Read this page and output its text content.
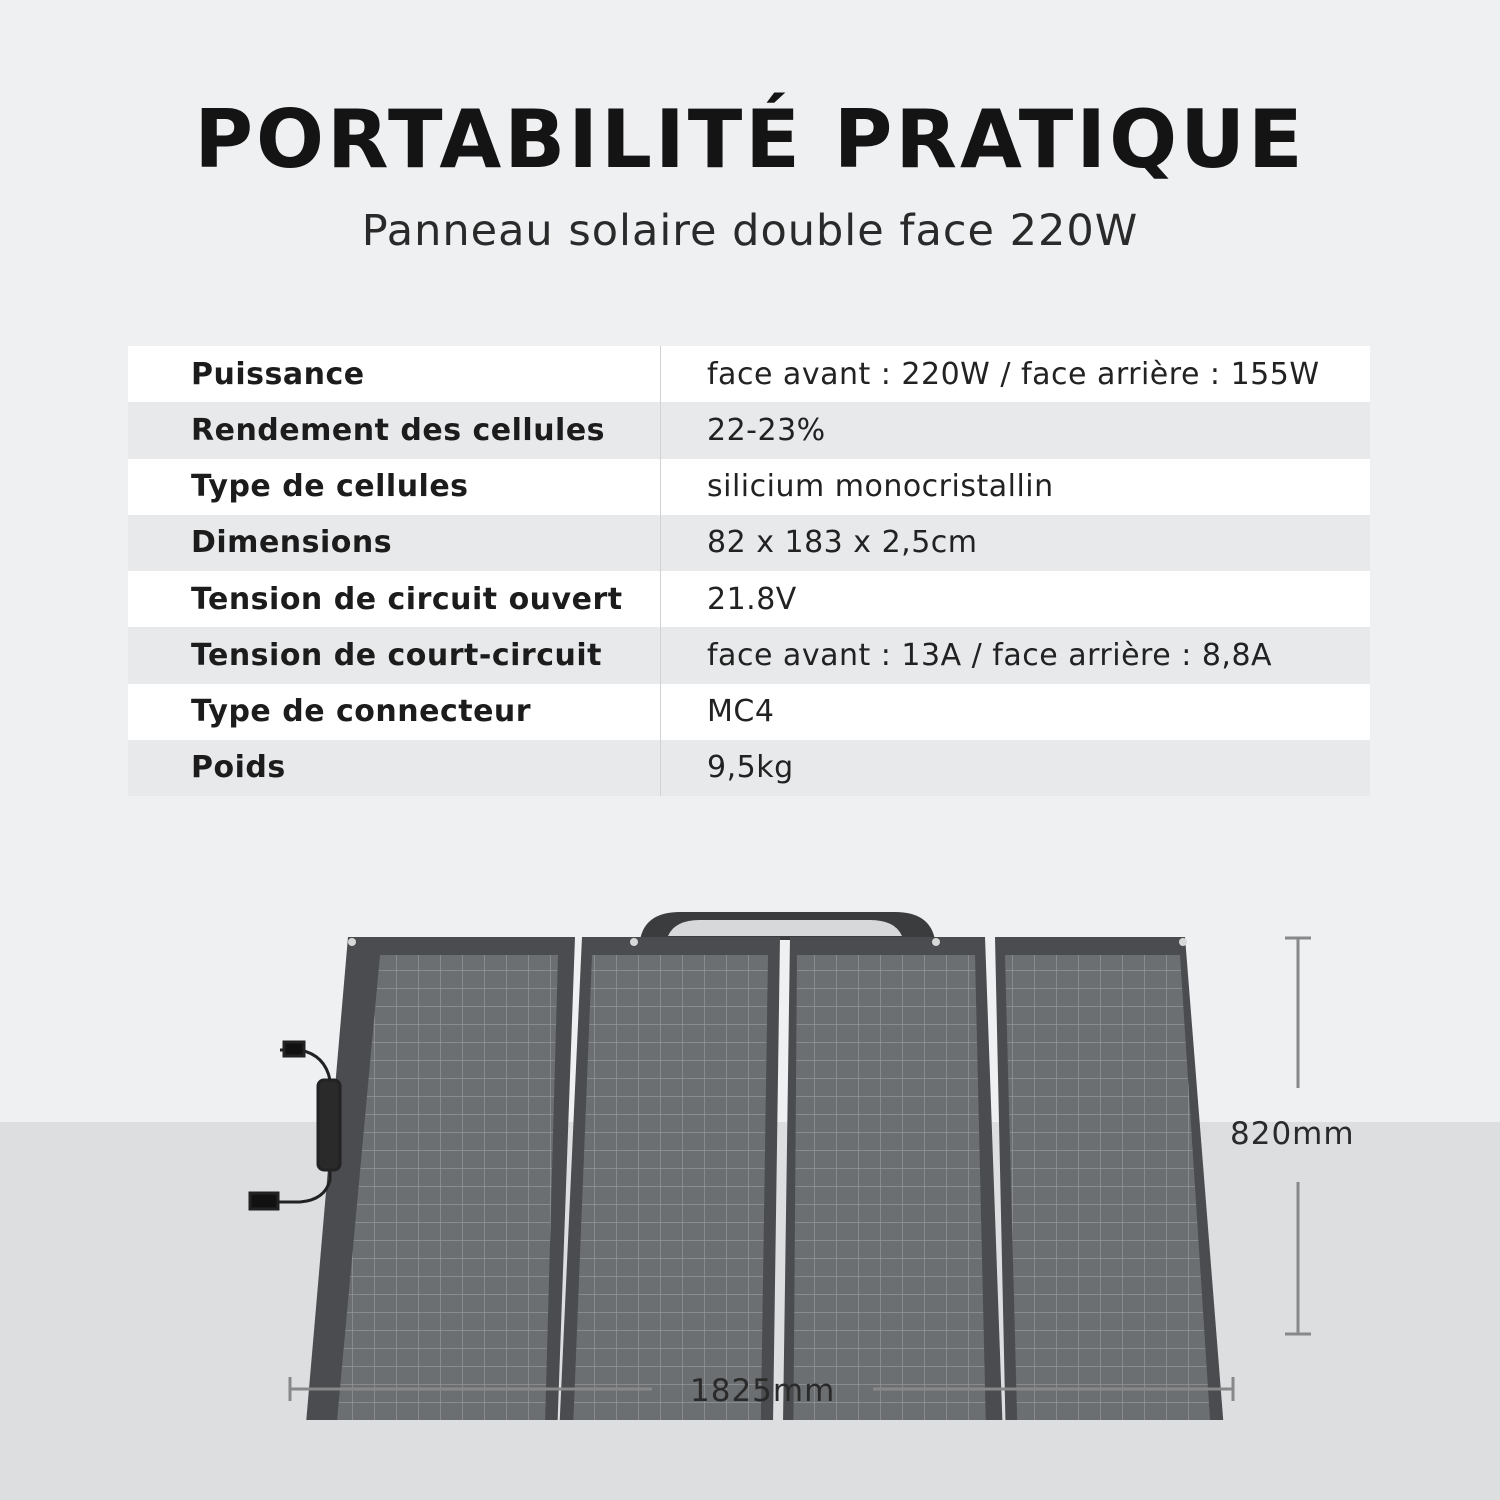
PORTABILITÉ PRATIQUE
Panneau solaire double face 220W
Puissance	face avant : 220W / face arrière : 155W
Rendement des cellules	22-23%
Type de cellules	silicium monocristallin
Dimensions	82 x 183 x 2,5cm
Tension de circuit ouvert	21.8V
Tension de court-circuit	face avant : 13A / face arrière : 8,8A
Type de connecteur	MC4
Poids	9,5kg
1825mm
820mm
